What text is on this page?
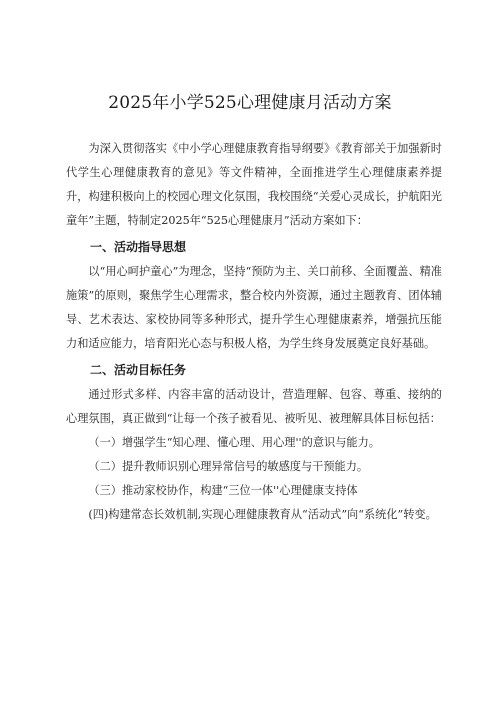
2025年小学525心理健康月活动方案

为深入贯彻落实《中小学心理健康教育指导纲要》《教育部关于加强新时代学生心理健康教育的意见》等文件精神，全面推进学生心理健康素养提升，构建积极向上的校园心理文化氛围，我校围绕“关爱心灵成长，护航阳光童年”主题，特制定2025年“525心理健康月”活动方案如下：

一、活动指导思想

以“用心呵护童心”为理念，坚持“预防为主、关口前移、全面覆盖、精准施策”的原则，聚焦学生心理需求，整合校内外资源，通过主题教育、团体辅导、艺术表达、家校协同等多种形式，提升学生心理健康素养，增强抗压能力和适应能力，培育阳光心态与积极人格，为学生终身发展奠定良好基础。

二、活动目标任务

通过形式多样、内容丰富的活动设计，营造理解、包容、尊重、接纳的心理氛围，真正做到“让每一个孩子被看见、被听见、被理解具体目标包括：

（一）增强学生“知心理、懂心理、用心理''的意识与能力。

（二）提升教师识别心理异常信号的敏感度与干预能力。

（三）推动家校协作，构建“三位一体''心理健康支持体

(四)构建常态长效机制,实现心理健康教育从“活动式”向“系统化”转变。
